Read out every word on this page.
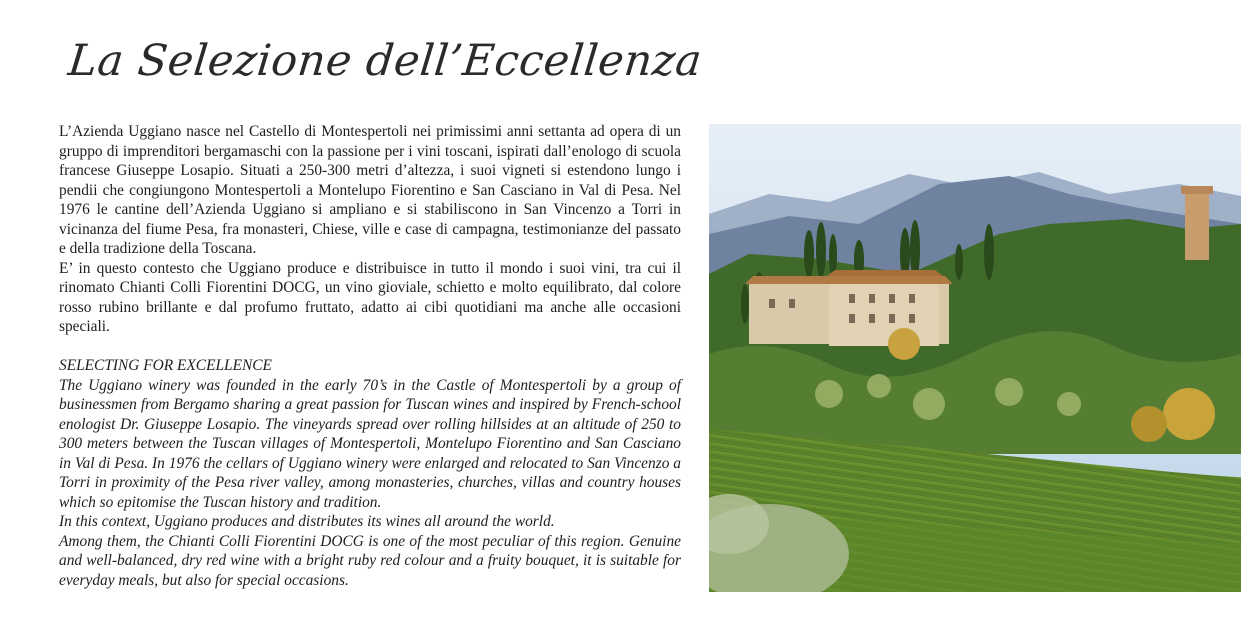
La Selezione dell’Eccellenza

L’Azienda Uggiano nasce nel Castello di Montespertoli nei primissimi anni settanta ad opera di un gruppo di imprenditori bergamaschi con la passione per i vini toscani, ispirati dall’enologo di scuola francese Giuseppe Losapio. Situati a 250-300 metri d’altezza, i suoi vigneti si estendono lungo i pendii che congiungono Montespertoli a Montelupo Fiorentino e San Casciano in Val di Pesa. Nel 1976 le cantine dell’Azienda Uggiano si ampliano e si stabiliscono in San Vincenzo a Torri in vicinanza del fiume Pesa, fra monasteri, Chiese, ville e case di campagna, testimonianze del passato e della tradizione della Toscana.

E’ in questo contesto che Uggiano produce e distribuisce in tutto il mondo i suoi vini, tra cui il rinomato Chianti Colli Fiorentini DOCG, un vino gioviale, schietto e molto equilibrato, dal colore rosso rubino brillante e dal profumo fruttato, adatto ai cibi quotidiani ma anche alle occasioni speciali.

SELECTING FOR EXCELLENCE

The Uggiano winery was founded in the early 70’s in the Castle of Montespertoli by a group of businessmen from Bergamo sharing a great passion for Tuscan wines and inspired by French-school enologist Dr. Giuseppe Losapio. The vineyards spread over rolling hillsides at an altitude of 250 to 300 meters between the Tuscan villages of Montespertoli, Montelupo Fiorentino and San Casciano in Val di Pesa. In 1976 the cellars of Uggiano winery were enlarged and relocated to San Vincenzo a Torri in proximity of the Pesa river valley, among monasteries, churches, villas and country houses which so epitomise the Tuscan history and tradition.

In this context, Uggiano produces and distributes its wines all around the world.

Among them, the Chianti Colli Fiorentini DOCG is one of the most peculiar of this region. Genuine and well-balanced, dry red wine with a bright ruby red colour and a fruity bouquet, it is suitable for everyday meals, but also for special occasions.
